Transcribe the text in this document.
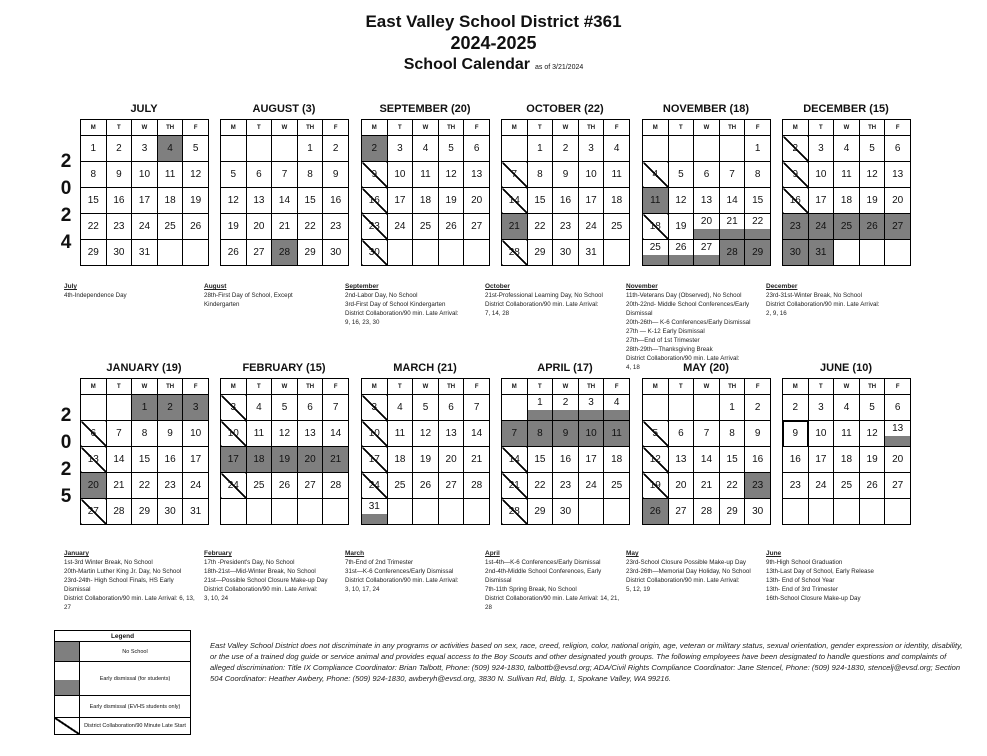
East Valley School District #361
2024-2025
School Calendar as of 3/21/2024
2
0
2
4
2
0
2
5
JULY
M	T	W	TH	F
1	2	3	4	5
8	9	10	11	12
15	16	17	18	19
22	23	24	25	26
29	30	31		
AUGUST (3)
M	T	W	TH	F
			1	2
5	6	7	8	9
12	13	14	15	16
19	20	21	22	23
26	27	28	29	30
SEPTEMBER (20)
M	T	W	TH	F
2	3	4	5	6
9	10	11	12	13
16	17	18	19	20
23	24	25	26	27
30				
OCTOBER (22)
M	T	W	TH	F
	1	2	3	4
7	8	9	10	11
14	15	16	17	18
21	22	23	24	25
28	29	30	31	
NOVEMBER (18)
M	T	W	TH	F
				1
4	5	6	7	8
11	12	13	14	15
18	19	20	21	22
25	26	27	28	29
DECEMBER (15)
M	T	W	TH	F
2	3	4	5	6
9	10	11	12	13
16	17	18	19	20
23	24	25	26	27
30	31			
JANUARY (19)
M	T	W	TH	F
		1	2	3
6	7	8	9	10
13	14	15	16	17
20	21	22	23	24
27	28	29	30	31
FEBRUARY (15)
M	T	W	TH	F
3	4	5	6	7
10	11	12	13	14
17	18	19	20	21
24	25	26	27	28

MARCH (21)
M	T	W	TH	F
3	4	5	6	7
10	11	12	13	14
17	18	19	20	21
24	25	26	27	28
31				
APRIL (17)
M	T	W	TH	F
	1	2	3	4
7	8	9	10	11
14	15	16	17	18
21	22	23	24	25
28	29	30		
MAY (20)
M	T	W	TH	F
			1	2
5	6	7	8	9
12	13	14	15	16
19	20	21	22	23
26	27	28	29	30
JUNE (10)
M	T	W	TH	F
2	3	4	5	6
9	10	11	12	13
16	17	18	19	20
23	24	25	26	27

July
4th-Independence Day
August
28th-First Day of School, Except
Kindergarten
September
2nd-Labor Day, No School
3rd-First Day of School Kindergarten
District Collaboration/90 min. Late Arrival:
9, 16, 23, 30
October
21st-Professional Learning Day, No School
District Collaboration/90 min. Late Arrival:
7, 14, 28
November
11th-Veterans Day (Observed), No School
20th-22nd- Middle School Conferences/Early Dismissal
20th-26th— K-6 Conferences/Early Dismissal
27th — K-12 Early Dismissal
27th—End of 1st Trimester
28th-29th—Thanksgiving Break
District Collaboration/90 min. Late Arrival:
4, 18
December
23rd-31st-Winter Break, No School
District Collaboration/90 min. Late Arrival:
2, 9, 16
January
1st-3rd Winter Break, No School
20th-Martin Luther King Jr. Day, No School
23rd-24th- High School Finals, HS Early Dismissal
District Collaboration/90 min. Late Arrival: 6, 13, 27
February
17th -President's Day, No School
18th-21st—Mid-Winter Break, No School
21st—Possible School Closure Make-up Day
District Collaboration/90 min. Late Arrival:
3, 10, 24
March
7th-End of 2nd Trimester
31st—K-6 Conferences/Early Dismissal
District Collaboration/90 min. Late Arrival:
3, 10, 17, 24
April
1st-4th—K-6 Conferences/Early Dismissal
2nd-4th-Middle School Conferences, Early Dismissal
7th-11th Spring Break, No School
District Collaboration/90 min. Late Arrival: 14, 21, 28
May
23rd-School Closure Possible Make-up Day
23rd-26th—Memorial Day Holiday, No School
District Collaboration/90 min. Late Arrival:
5, 12, 19
June
9th-High School Graduation
13th-Last Day of School, Early Release
13th- End of School Year
13th- End of 3rd Trimester
16th-School Closure Make-up Day
Legend
No School
Early dismissal (for students)
Early dismissal (EVHS students only)
District Collaboration/90 Minute Late Start
East Valley School District does not discriminate in any programs or activities based on sex, race, creed, religion, color, national origin, age, veteran or military status, sexual orientation, gender expression or identity, disability, or the use of a trained dog guide or service animal and provides equal access to the Boy Scouts and other designated youth groups. The following employees have been designated to handle questions and complaints of alleged discrimination: Title IX Compliance Coordinator: Brian Talbott, Phone: (509) 924-1830, talbottb@evsd.org; ADA/Civil Rights Compliance Coordinator: Jane Stencel, Phone: (509) 924-1830, stencelj@evsd.org; Section 504 Coordinator: Heather Awbery, Phone: (509) 924-1830, awberyh@evsd.org, 3830 N. Sullivan Rd, Bldg. 1, Spokane Valley, WA 99216.
